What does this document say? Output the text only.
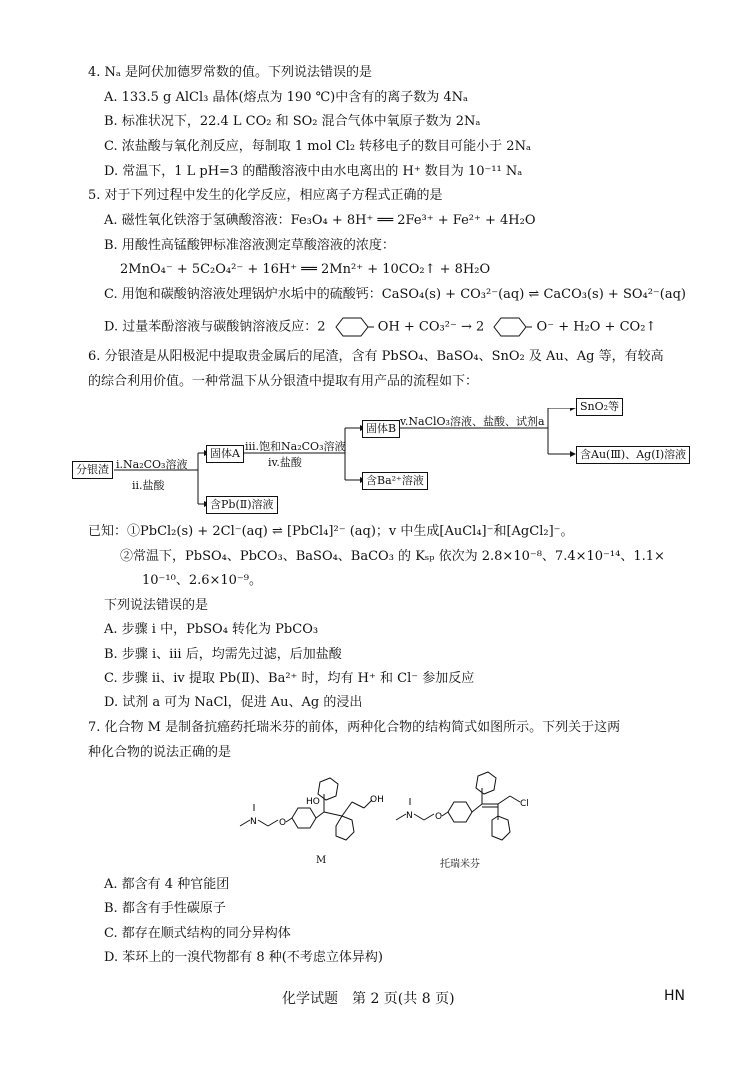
4. Nₐ 是阿伏加德罗常数的值。下列说法错误的是
A. 133.5 g AlCl₃ 晶体(熔点为 190 ℃)中含有的离子数为 4Nₐ
B. 标准状况下，22.4 L CO₂ 和 SO₂ 混合气体中氧原子数为 2Nₐ
C. 浓盐酸与氧化剂反应，每制取 1 mol Cl₂ 转移电子的数目可能小于 2Nₐ
D. 常温下，1 L pH=3 的醋酸溶液中由水电离出的 H⁺ 数目为 10⁻¹¹ Nₐ
5. 对于下列过程中发生的化学反应，相应离子方程式正确的是
A. 磁性氧化铁溶于氢碘酸溶液：Fe₃O₄ + 8H⁺ ══ 2Fe³⁺ + Fe²⁺ + 4H₂O
B. 用酸性高锰酸钾标准溶液测定草酸溶液的浓度：
2MnO₄⁻ + 5C₂O₄²⁻ + 16H⁺ ══ 2Mn²⁺ + 10CO₂↑ + 8H₂O
C. 用饱和碳酸钠溶液处理锅炉水垢中的硫酸钙：CaSO₄(s) + CO₃²⁻(aq) ⇌ CaCO₃(s) + SO₄²⁻(aq)
D. 过量苯酚溶液与碳酸钠溶液反应：2	OH + CO₃²⁻ → 2	O⁻ + H₂O + CO₂↑
6. 分银渣是从阳极泥中提取贵金属后的尾渣，含有 PbSO₄、BaSO₄、SnO₂ 及 Au、Ag 等，有较高
的综合利用价值。一种常温下从分银渣中提取有用产品的流程如下：
分银渣 i.Na₂CO₃溶液
ii.盐酸
固体A
iii.饱和Na₂CO₃溶液
iv.盐酸
固体B
v.NaClO₃溶液、盐酸、试剂a
SnO₂等
含Au(Ⅲ)、Ag(Ⅰ)溶液
含Ba²⁺溶液
含Pb(Ⅱ)溶液
已知：①PbCl₂(s) + 2Cl⁻(aq) ⇌ [PbCl₄]²⁻ (aq)；v 中生成[AuCl₄]⁻和[AgCl₂]⁻。
②常温下，PbSO₄、PbCO₃、BaSO₄、BaCO₃ 的 Kₛₚ 依次为 2.8×10⁻⁸、7.4×10⁻¹⁴、1.1×
10⁻¹⁰、2.6×10⁻⁹。
下列说法错误的是
A. 步骤 i 中，PbSO₄ 转化为 PbCO₃
B. 步骤 i、iii 后，均需先过滤，后加盐酸
C. 步骤 ii、iv 提取 Pb(Ⅱ)、Ba²⁺ 时，均有 H⁺ 和 Cl⁻ 参加反应
D. 试剂 a 可为 NaCl，促进 Au、Ag 的浸出
7. 化合物 M 是制备抗癌药托瑞米芬的前体，两种化合物的结构简式如图所示。下列关于这两
种化合物的说法正确的是
N O
HO	OH
M
N O
Cl
托瑞米芬
A. 都含有 4 种官能团
B. 都含有手性碳原子
C. 都存在顺式结构的同分异构体
D. 苯环上的一溴代物都有 8 种(不考虑立体异构)
化学试题　第 2 页(共 8 页)	HN
